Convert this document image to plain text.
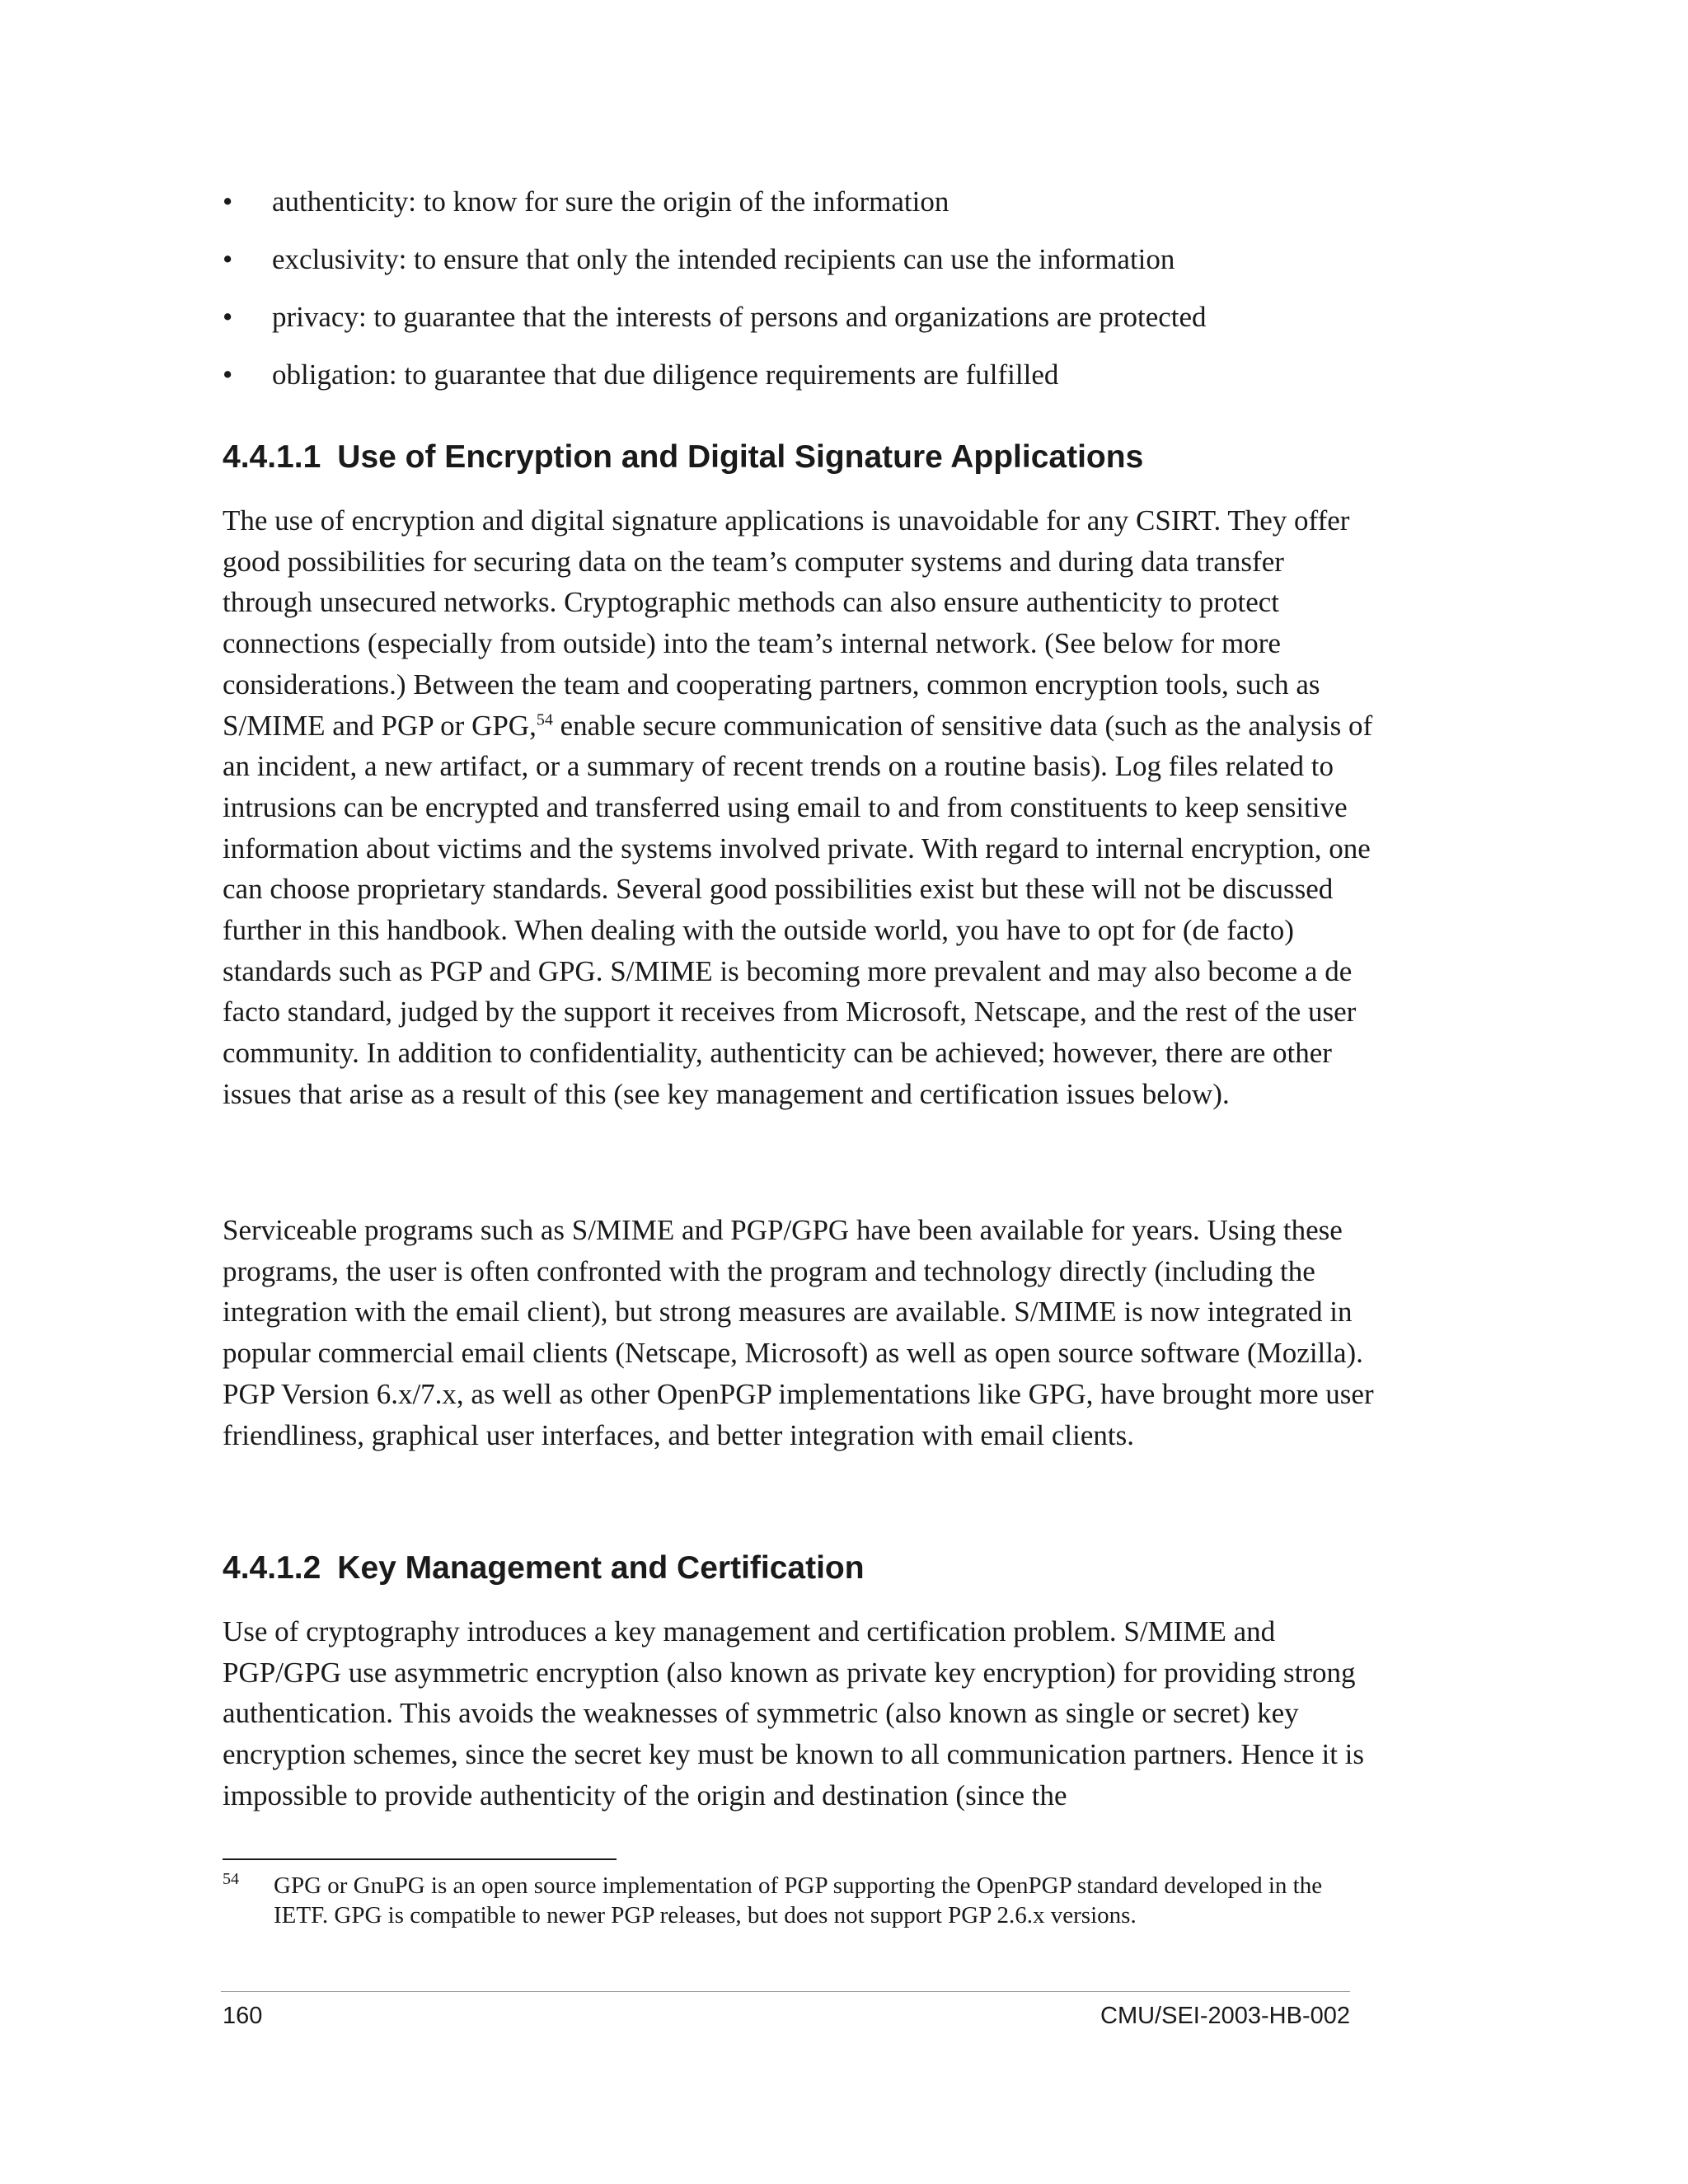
•	authenticity: to know for sure the origin of the information
•	exclusivity: to ensure that only the intended recipients can use the information
•	privacy: to guarantee that the interests of persons and organizations are protected
•	obligation: to guarantee that due diligence requirements are fulfilled
4.4.1.1 Use of Encryption and Digital Signature Applications

The use of encryption and digital signature applications is unavoidable for any CSIRT. They offer good possibilities for securing data on the team’s computer systems and during data transfer through unsecured networks. Cryptographic methods can also ensure authenticity to protect connections (especially from outside) into the team’s internal network. (See below for more considerations.) Between the team and cooperating partners, common encryption tools, such as S/MIME and PGP or GPG,$^{54}$ enable secure communication of sensitive data (such as the analysis of an incident, a new artifact, or a summary of recent trends on a routine basis). Log files related to intrusions can be encrypted and transferred using email to and from constituents to keep sensitive information about victims and the systems involved private. With regard to internal encryption, one can choose proprietary standards. Several good possibilities exist but these will not be discussed further in this handbook. When dealing with the outside world, you have to opt for (de facto) standards such as PGP and GPG. S/MIME is becoming more prevalent and may also become a de facto standard, judged by the support it receives from Microsoft, Netscape, and the rest of the user community. In addition to confidentiality, authenticity can be achieved; however, there are other issues that arise as a result of this (see key management and certification issues below).

Serviceable programs such as S/MIME and PGP/GPG have been available for years. Using these programs, the user is often confronted with the program and technology directly (including the integration with the email client), but strong measures are available. S/MIME is now integrated in popular commercial email clients (Netscape, Microsoft) as well as open source software (Mozilla). PGP Version 6.x/7.x, as well as other OpenPGP implementations like GPG, have brought more user friendliness, graphical user interfaces, and better integration with email clients.

4.4.1.2 Key Management and Certification

Use of cryptography introduces a key management and certification problem. S/MIME and PGP/GPG use asymmetric encryption (also known as private key encryption) for providing strong authentication. This avoids the weaknesses of symmetric (also known as single or secret) key encryption schemes, since the secret key must be known to all communication partners. Hence it is impossible to provide authenticity of the origin and destination (since the

54 GPG or GnuPG is an open source implementation of PGP supporting the OpenPGP standard developed in the IETF. GPG is compatible to newer PGP releases, but does not support PGP 2.6.x versions.
160	CMU/SEI-2003-HB-002
